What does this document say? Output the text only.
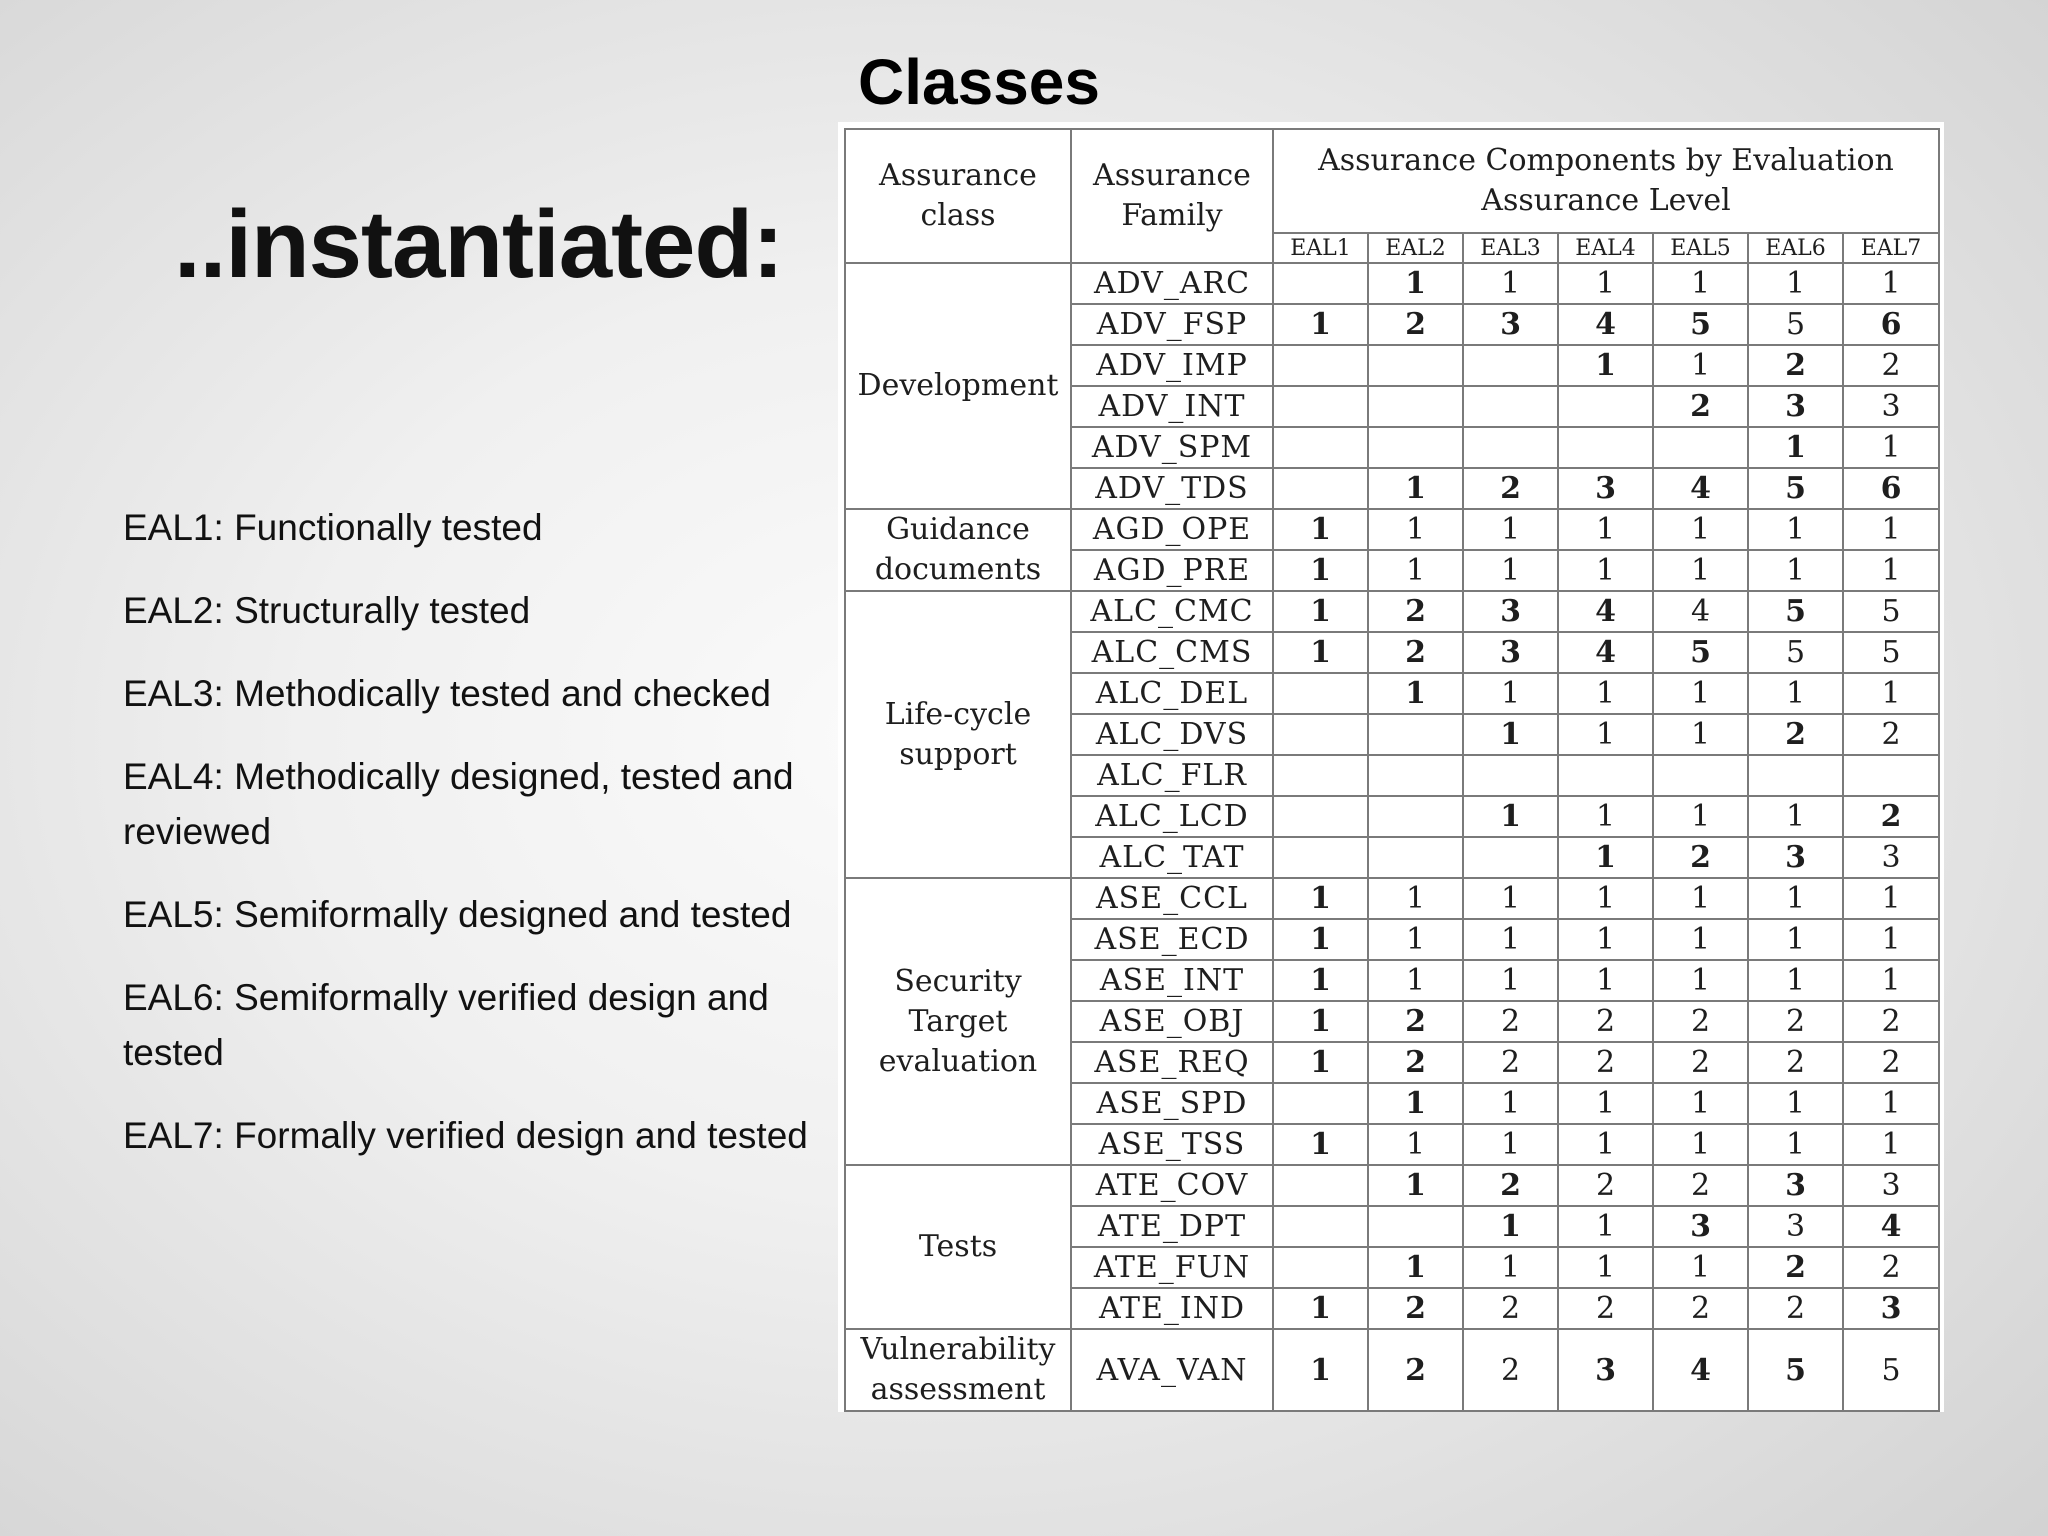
Classes
..instantiated:
EAL1: Functionally tested
EAL2: Structurally tested
EAL3: Methodically tested and checked
EAL4: Methodically designed, tested and reviewed
EAL5: Semiformally designed and tested
EAL6: Semiformally verified design and tested
EAL7: Formally verified design and tested
Assurance class	Assurance Family	Assurance Components by Evaluation Assurance Level						
		EAL1	EAL2	EAL3	EAL4	EAL5	EAL6	EAL7
Development	ADV_ARC		1	1	1	1	1	1
	ADV_FSP	1	2	3	4	5	5	6
	ADV_IMP				1	1	2	2
	ADV_INT					2	3	3
	ADV_SPM						1	1
	ADV_TDS		1	2	3	4	5	6
Guidance documents	AGD_OPE	1	1	1	1	1	1	1
	AGD_PRE	1	1	1	1	1	1	1
Life-cycle support	ALC_CMC	1	2	3	4	4	5	5
	ALC_CMS	1	2	3	4	5	5	5
	ALC_DEL		1	1	1	1	1	1
	ALC_DVS			1	1	1	2	2
	ALC_FLR							
	ALC_LCD			1	1	1	1	2
	ALC_TAT				1	2	3	3
Security Target evaluation	ASE_CCL	1	1	1	1	1	1	1
	ASE_ECD	1	1	1	1	1	1	1
	ASE_INT	1	1	1	1	1	1	1
	ASE_OBJ	1	2	2	2	2	2	2
	ASE_REQ	1	2	2	2	2	2	2
	ASE_SPD		1	1	1	1	1	1
	ASE_TSS	1	1	1	1	1	1	1
Tests	ATE_COV		1	2	2	2	3	3
	ATE_DPT			1	1	3	3	4
	ATE_FUN		1	1	1	1	2	2
	ATE_IND	1	2	2	2	2	2	3
Vulnerability assessment	AVA_VAN	1	2	2	3	4	5	5
